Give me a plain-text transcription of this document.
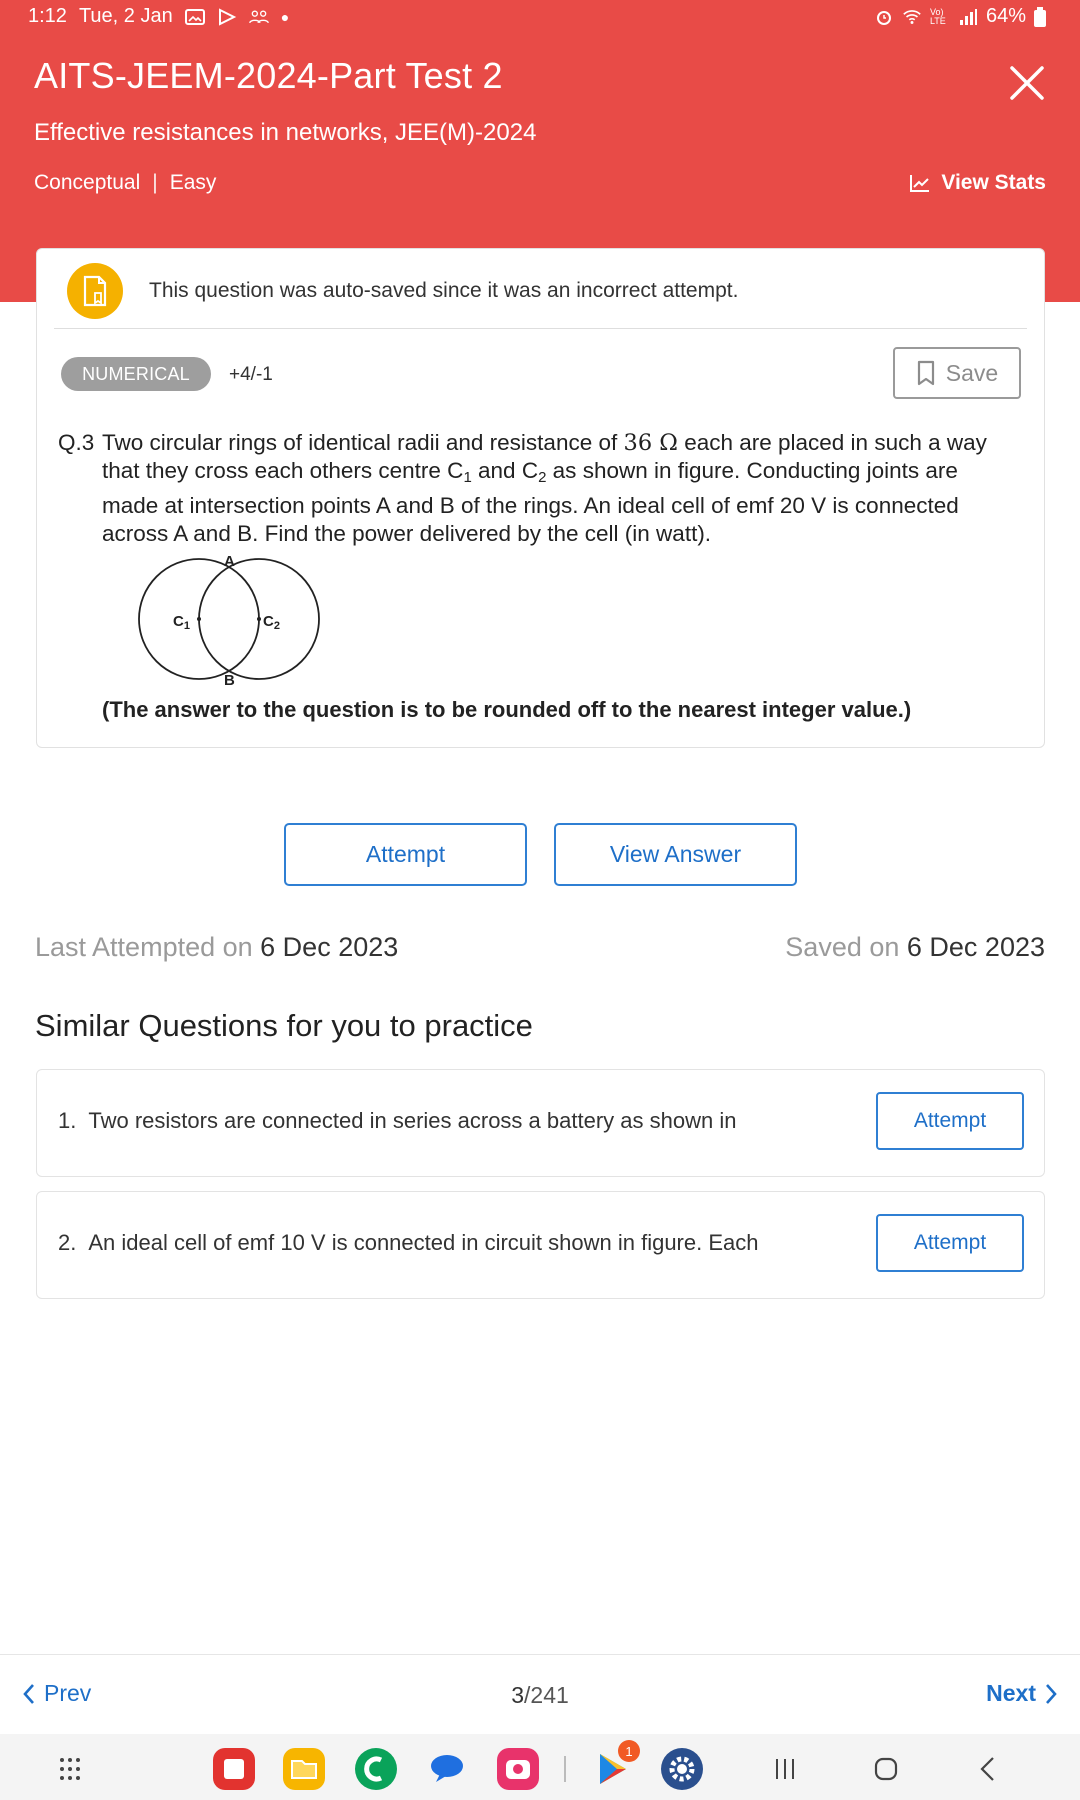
1:12 Tue, 2 Jan	●	Vo) LTE 64%
AITS-JEEM-2024-Part Test 2
Effective resistances in networks, JEE(M)-2024
Conceptual | Easy	View Stats
This question was auto-saved since it was an incorrect attempt.
NUMERICAL	+4/-1	Save
Q.3 Two circular rings of identical radii and resistance of 36 Ω each are placed in such a way that they cross each others centre $C_1$ and $C_2$ as shown in figure. Conducting joints are made at intersection points A and B of the rings. An ideal cell of emf 20 V is connected across A and B. Find the power delivered by the cell (in watt).
A
B
$C_1$	$C_2$
(The answer to the question is to be rounded off to the nearest integer value.)
Attempt	View Answer
Last Attempted on 6 Dec 2023	Saved on 6 Dec 2023
Similar Questions for you to practice
1. Two resistors are connected in series across a battery as shown in	Attempt
2. An ideal cell of emf 10 V is connected in circuit shown in figure. Each	Attempt
Prev	3/241	Next
1
